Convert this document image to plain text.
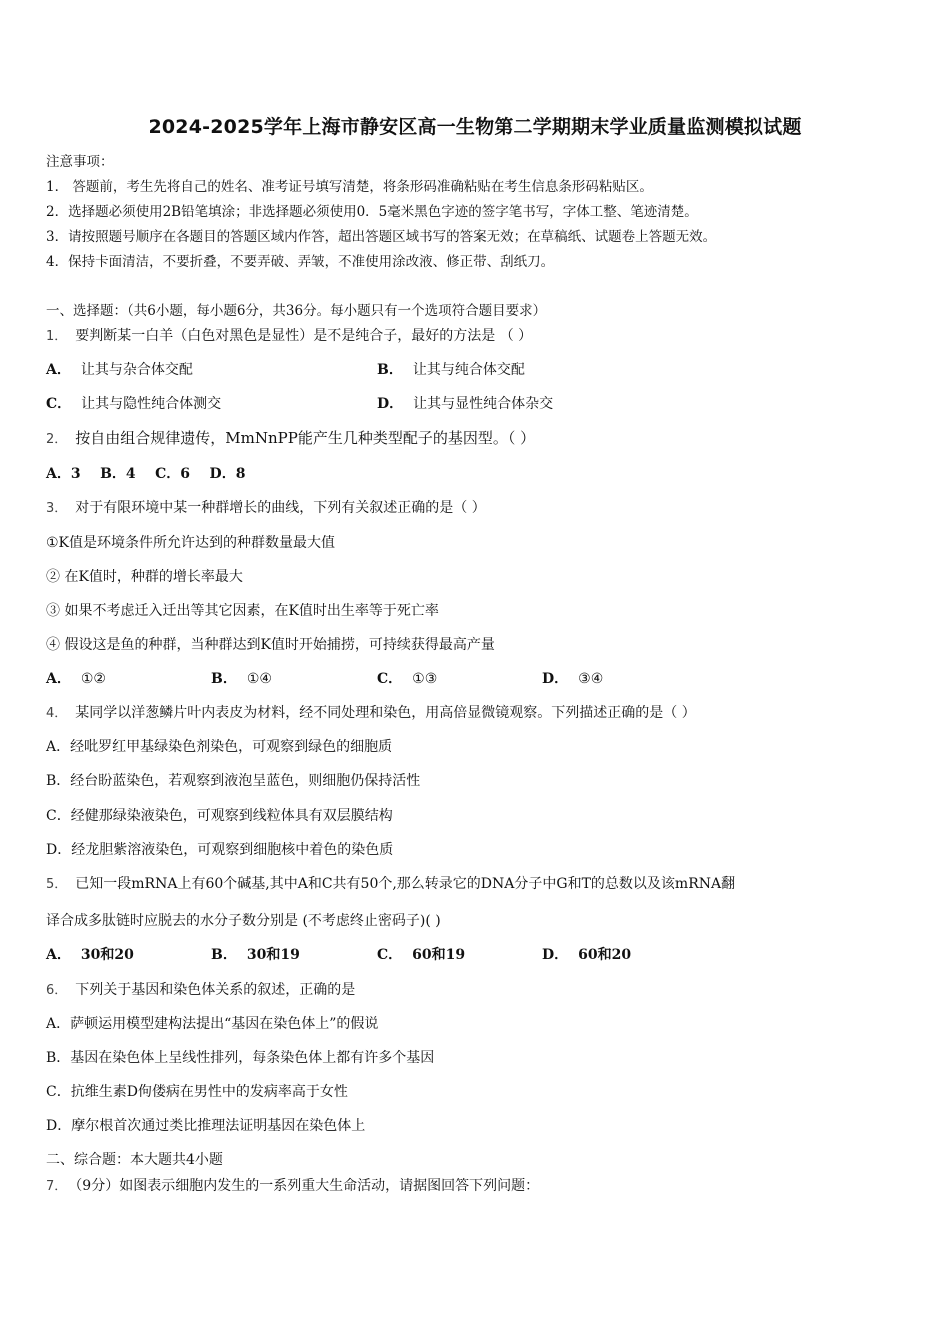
2024-2025学年上海市静安区高一生物第二学期期末学业质量监测模拟试题
注意事项：
1． 答题前，考生先将自己的姓名、准考证号填写清楚，将条形码准确粘贴在考生信息条形码粘贴区。
2．选择题必须使用2B铅笔填涂；非选择题必须使用0．5毫米黑色字迹的签字笔书写，字体工整、笔迹清楚。
3．请按照题号顺序在各题目的答题区域内作答，超出答题区域书写的答案无效；在草稿纸、试题卷上答题无效。
4．保持卡面清洁，不要折叠，不要弄破、弄皱，不准使用涂改液、修正带、刮纸刀。
一、选择题：（共6小题，每小题6分，共36分。每小题只有一个选项符合题目要求）
1． 要判断某一白羊（白色对黑色是显性）是不是纯合子，最好的方法是 （ ）
A． 让其与杂合体交配	B． 让其与纯合体交配
C． 让其与隐性纯合体测交	D． 让其与显性纯合体杂交
2． 按自由组合规律遗传，MmNnPP能产生几种类型配子的基因型。（ ）
A．3    B．4    C．6    D．8
3． 对于有限环境中某一种群增长的曲线，下列有关叙述正确的是（ ）
①K值是环境条件所允许达到的种群数量最大值
② 在K值时，种群的增长率最大
③ 如果不考虑迁入迁出等其它因素，在K值时出生率等于死亡率
④ 假设这是鱼的种群，当种群达到K值时开始捕捞，可持续获得最高产量
A． ①②	B． ①④	C． ①③	D． ③④
4． 某同学以洋葱鳞片叶内表皮为材料，经不同处理和染色，用高倍显微镜观察。下列描述正确的是（ ）
A．经吡罗红甲基绿染色剂染色，可观察到绿色的细胞质
B．经台盼蓝染色，若观察到液泡呈蓝色，则细胞仍保持活性
C．经健那绿染液染色，可观察到线粒体具有双层膜结构
D．经龙胆紫溶液染色，可观察到细胞核中着色的染色质
5． 已知一段mRNA上有60个碱基,其中A和C共有50个,那么转录它的DNA分子中G和T的总数以及该mRNA翻
译合成多肽链时应脱去的水分子数分别是 (不考虑终止密码子)( )
A． 30和20	B． 30和19	C． 60和19	D． 60和20
6． 下列关于基因和染色体关系的叙述，正确的是
A．萨顿运用模型建构法提出“基因在染色体上”的假说
B．基因在染色体上呈线性排列，每条染色体上都有许多个基因
C．抗维生素D佝偻病在男性中的发病率高于女性
D．摩尔根首次通过类比推理法证明基因在染色体上
二、综合题：本大题共4小题
7． （9分）如图表示细胞内发生的一系列重大生命活动，请据图回答下列问题：
